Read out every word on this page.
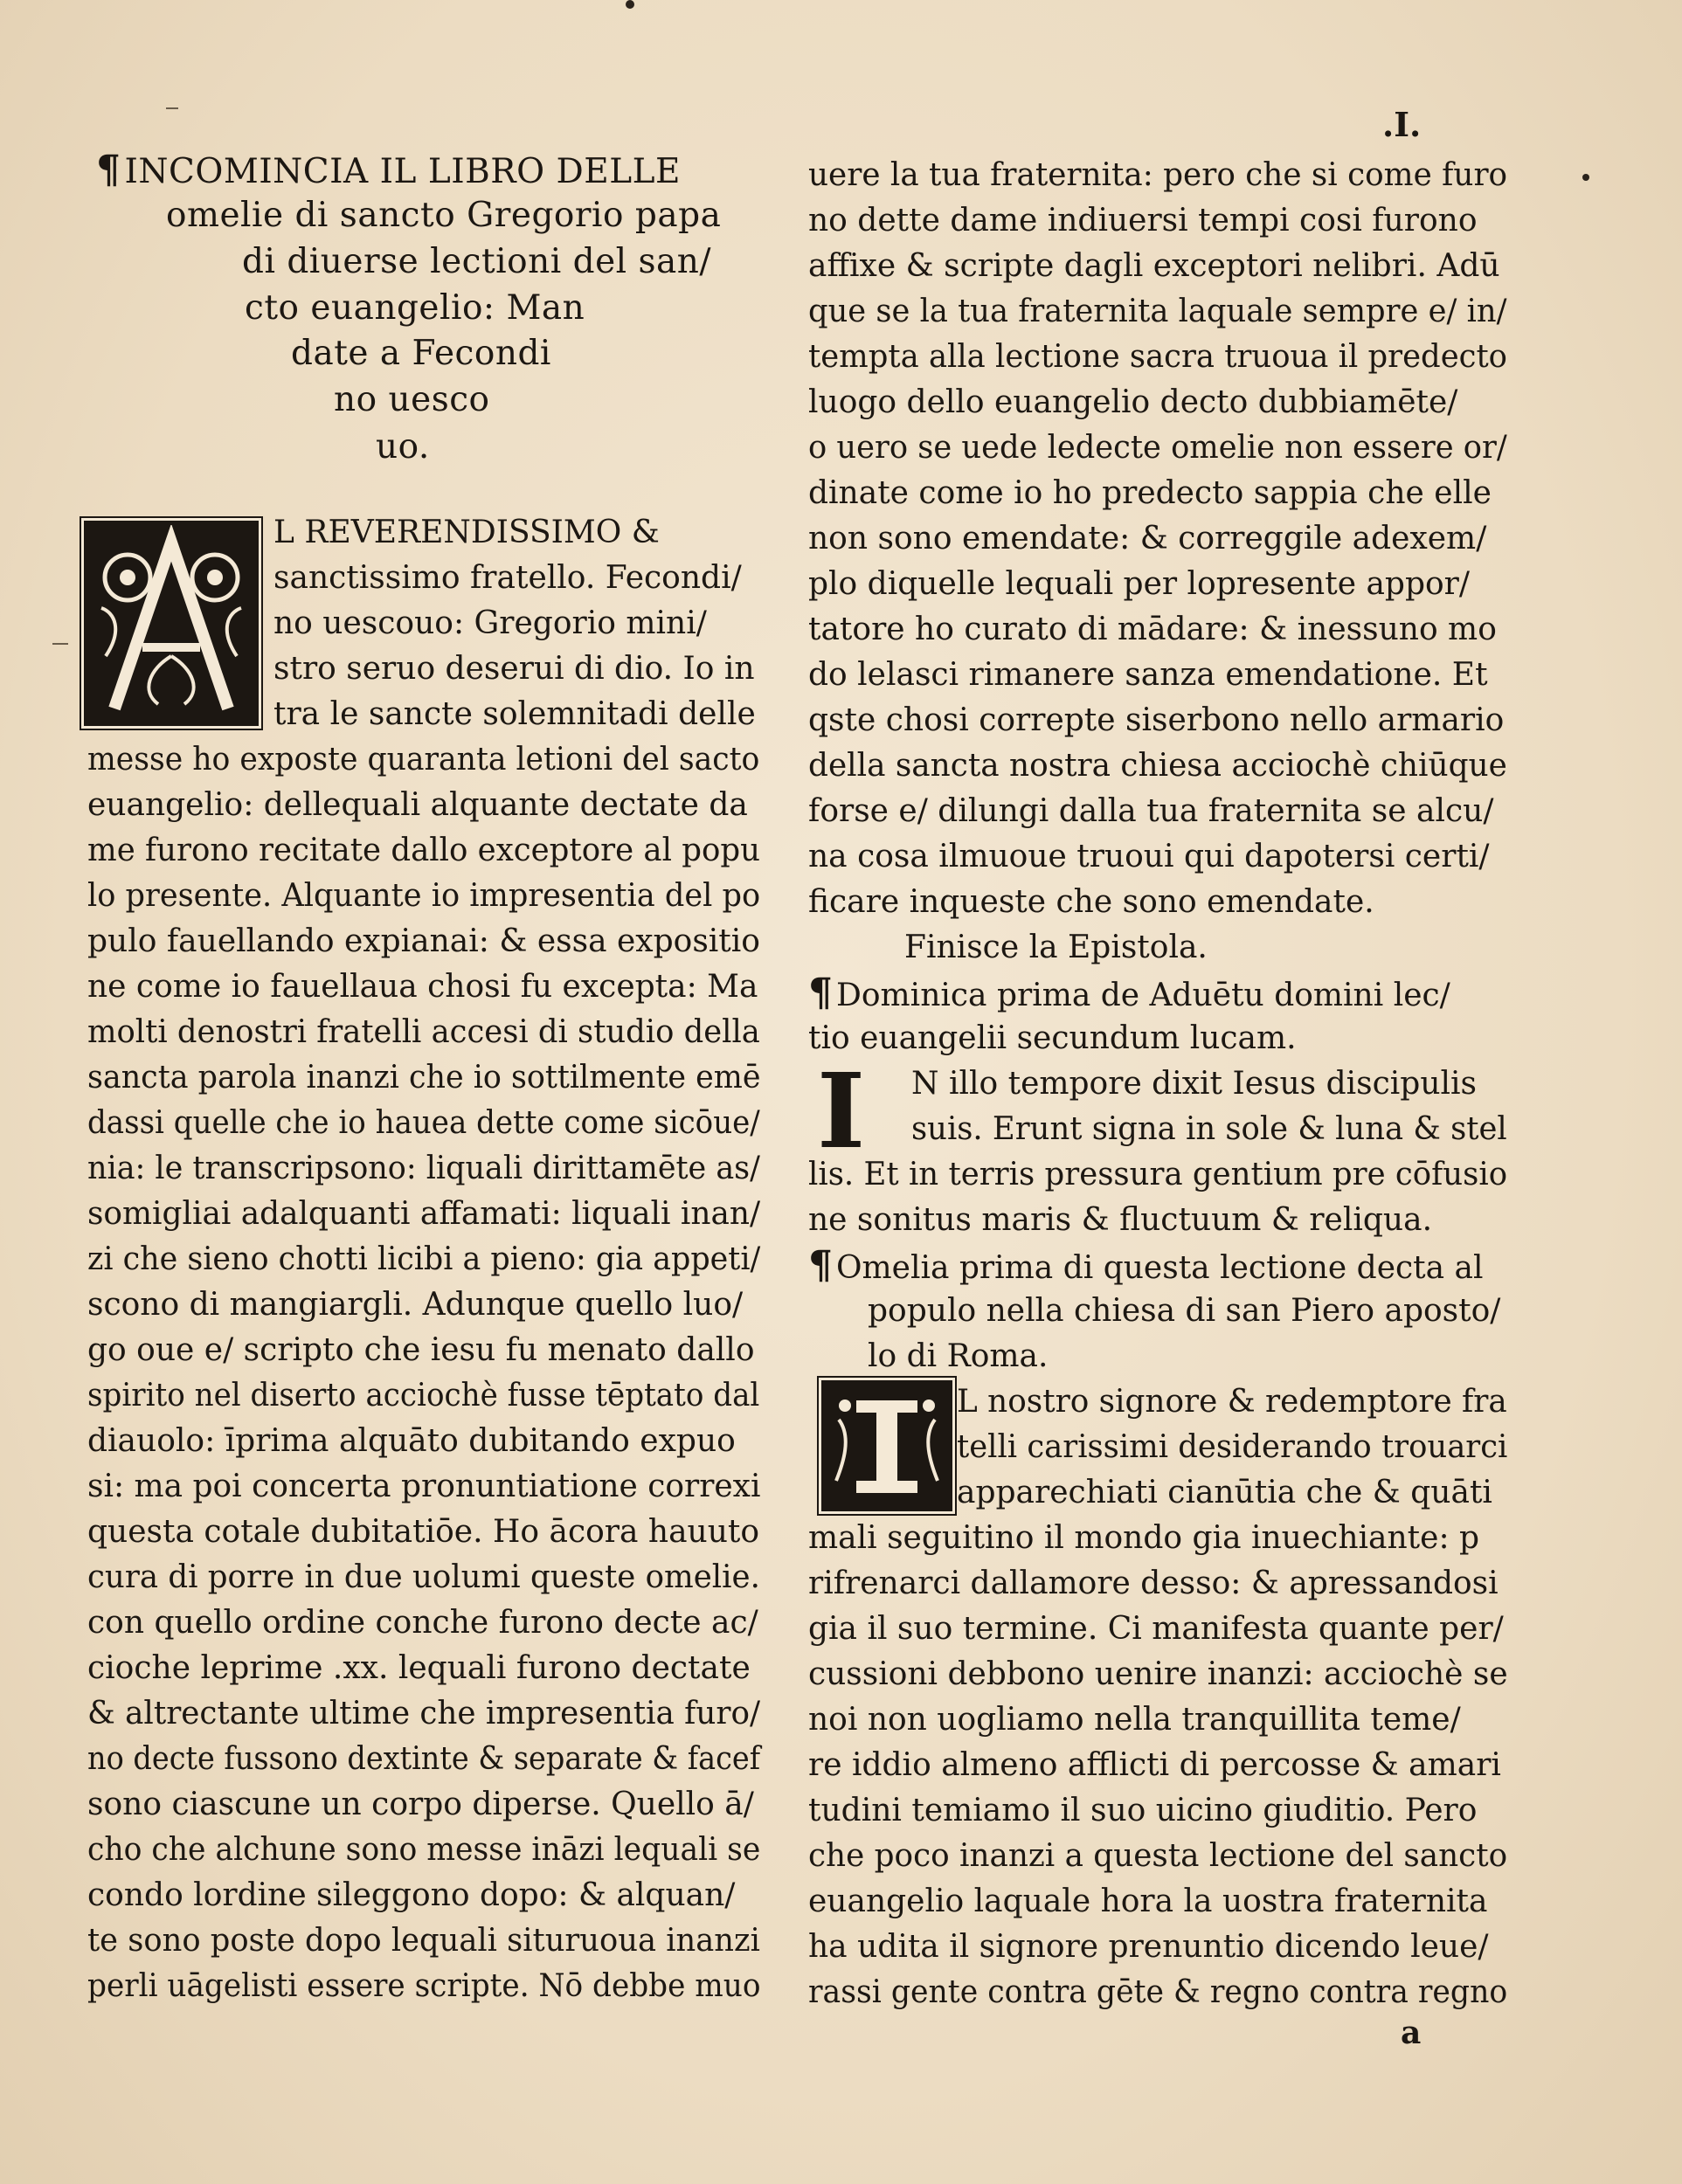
¶ INCOMINCIA IL LIBRO DELLE
omelie di sancto Gregorio papa
di diuerse lectioni del san/
cto euangelio: Man
date a Fecondi
no uesco
uo.
L REVERENDISSIMO &
sanctissimo fratello. Fecondi/
no uescouo: Gregorio mini/
stro seruo deserui di dio. Io in
tra le sancte solemnitadi delle
messe ho exposte quaranta letioni del sacto
euangelio: dellequali alquante dectate da
me furono recitate dallo exceptore al popu
lo presente. Alquante io impresentia del po
pulo fauellando expianai: & essa expositio
ne come io fauellaua chosi fu excepta: Ma
molti denostri fratelli accesi di studio della
sancta parola inanzi che io sottilmente emē
dassi quelle che io hauea dette come sicōue/
nia: le transcripsono: liquali dirittamēte as/
somigliai adalquanti affamati: liquali inan/
zi che sieno chotti licibi a pieno: gia appeti/
scono di mangiargli. Adunque quello luo/
go oue e/ scripto che iesu fu menato dallo
spirito nel diserto acciochè fusse tēptato dal
diauolo: īprima alquāto dubitando expuo
si: ma poi concerta pronuntiatione correxi
questa cotale dubitatiōe. Ho ācora hauuto
cura di porre in due uolumi queste omelie.
con quello ordine conche furono decte ac/
cioche leprime .xx. lequali furono dectate
& altrectante ultime che impresentia furo/
no decte fussono dextinte & separate & facef
sono ciascune un corpo diperse. Quello ā/
cho che alchune sono messe ināzi lequali se
condo lordine sileggono dopo: & alquan/
te sono poste dopo lequali situruoua inanzi
perli uāgelisti essere scripte. Nō debbe muo
.I.
uere la tua fraternita: pero che si come furo
no dette dame indiuersi tempi cosi furono
affixe & scripte dagli exceptori nelibri. Adū
que se la tua fraternita laquale sempre e/ in/
tempta alla lectione sacra truoua il predecto
luogo dello euangelio decto dubbiamēte/
o uero se uede ledecte omelie non essere or/
dinate come io ho predecto sappia che elle
non sono emendate: & correggile adexem/
plo diquelle lequali per lopresente appor/
tatore ho curato di mādare: & inessuno mo
do lelasci rimanere sanza emendatione. Et
qste chosi correpte siserbono nello armario
della sancta nostra chiesa acciochè chiūque
forse e/ dilungi dalla tua fraternita se alcu/
na cosa ilmuoue truoui qui dapotersi certi/
ficare inqueste che sono emendate.
Finisce la Epistola.
¶ Dominica prima de Aduētu domini lec/
tio euangelii secundum lucam.
I N illo tempore dixit Iesus discipulis
suis. Erunt signa in sole & luna & stel
lis. Et in terris pressura gentium pre cōfusio
ne sonitus maris & fluctuum & reliqua.
¶ Omelia prima di questa lectione decta al
populo nella chiesa di san Piero aposto/
lo di Roma.
L nostro signore & redemptore fra
telli carissimi desiderando trouarci
apparechiati cianūtia che & quāti
mali seguitino il mondo gia inuechiante: p
rifrenarci dallamore desso: & apressandosi
gia il suo termine. Ci manifesta quante per/
cussioni debbono uenire inanzi: acciochè se
noi non uogliamo nella tranquillita teme/
re iddio almeno afflicti di percosse & amari
tudini temiamo il suo uicino giuditio. Pero
che poco inanzi a questa lectione del sancto
euangelio laquale hora la uostra fraternita
ha udita il signore prenuntio dicendo leue/
rassi gente contra gēte & regno contra regno
a
